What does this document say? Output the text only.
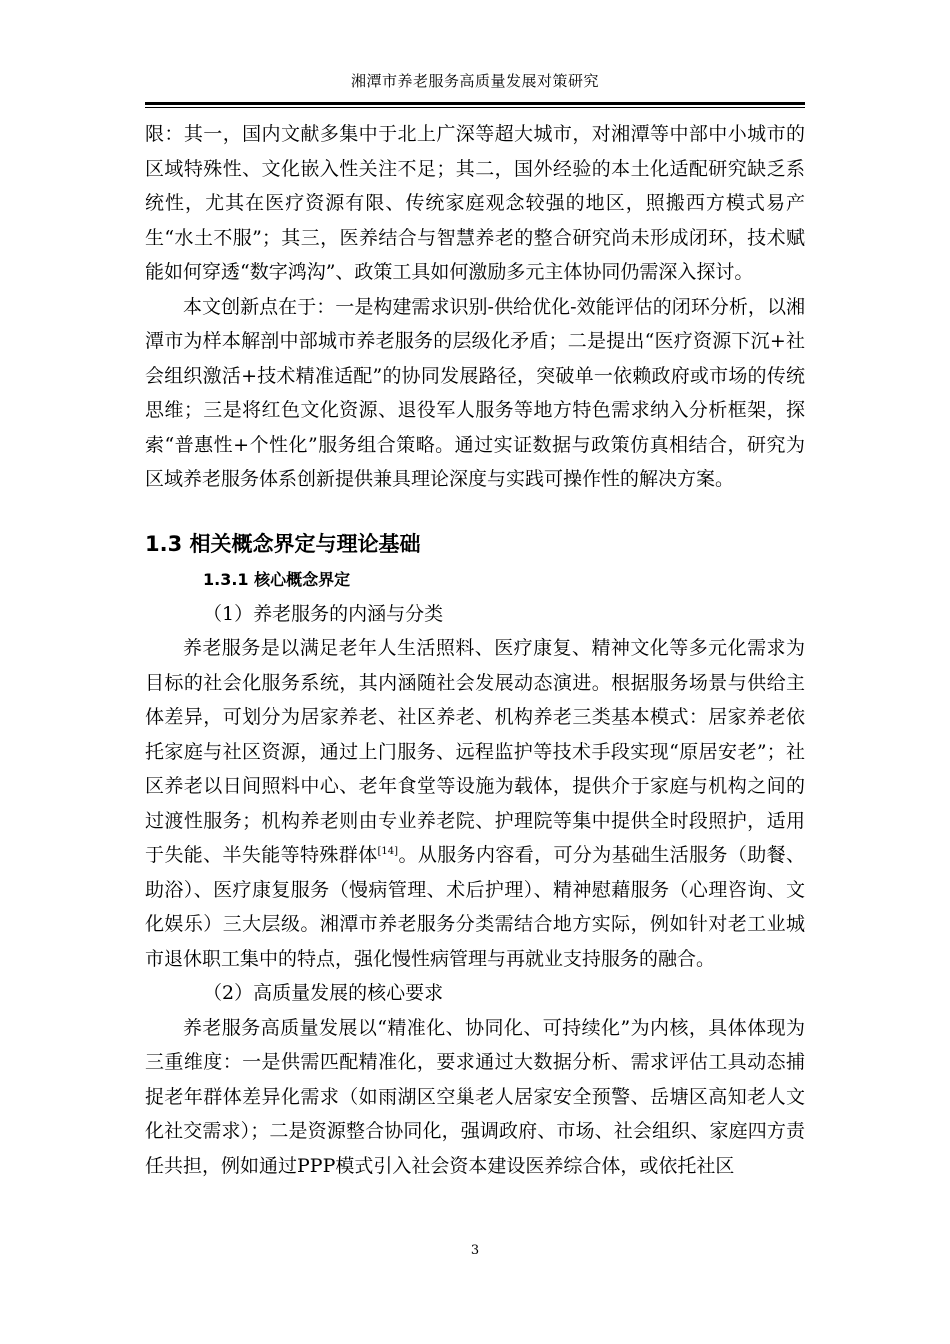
湘潭市养老服务高质量发展对策研究

限：其一，国内文献多集中于北上广深等超大城市，对湘潭等中部中小城市的区域特殊性、文化嵌入性关注不足；其二，国外经验的本土化适配研究缺乏系统性，尤其在医疗资源有限、传统家庭观念较强的地区，照搬西方模式易产生“水土不服”；其三，医养结合与智慧养老的整合研究尚未形成闭环，技术赋能如何穿透“数字鸿沟”、政策工具如何激励多元主体协同仍需深入探讨。

本文创新点在于：一是构建需求识别-供给优化-效能评估的闭环分析，以湘潭市为样本解剖中部城市养老服务的层级化矛盾；二是提出“医疗资源下沉+社会组织激活+技术精准适配”的协同发展路径，突破单一依赖政府或市场的传统思维；三是将红色文化资源、退役军人服务等地方特色需求纳入分析框架，探索“普惠性+个性化”服务组合策略。通过实证数据与政策仿真相结合，研究为区域养老服务体系创新提供兼具理论深度与实践可操作性的解决方案。

1.3 相关概念界定与理论基础
1.3.1 核心概念界定

（1）养老服务的内涵与分类

养老服务是以满足老年人生活照料、医疗康复、精神文化等多元化需求为目标的社会化服务系统，其内涵随社会发展动态演进。根据服务场景与供给主体差异，可划分为居家养老、社区养老、机构养老三类基本模式：居家养老依托家庭与社区资源，通过上门服务、远程监护等技术手段实现“原居安老”；社区养老以日间照料中心、老年食堂等设施为载体，提供介于家庭与机构之间的过渡性服务；机构养老则由专业养老院、护理院等集中提供全时段照护，适用于失能、半失能等特殊群体[14]。从服务内容看，可分为基础生活服务（助餐、助浴）、医疗康复服务（慢病管理、术后护理）、精神慰藉服务（心理咨询、文化娱乐）三大层级。湘潭市养老服务分类需结合地方实际，例如针对老工业城市退休职工集中的特点，强化慢性病管理与再就业支持服务的融合。

（2）高质量发展的核心要求

养老服务高质量发展以“精准化、协同化、可持续化”为内核，具体体现为三重维度：一是供需匹配精准化，要求通过大数据分析、需求评估工具动态捕捉老年群体差异化需求（如雨湖区空巢老人居家安全预警、岳塘区高知老人文化社交需求）；二是资源整合协同化，强调政府、市场、社会组织、家庭四方责任共担，例如通过PPP模式引入社会资本建设医养综合体，或依托社区

3
